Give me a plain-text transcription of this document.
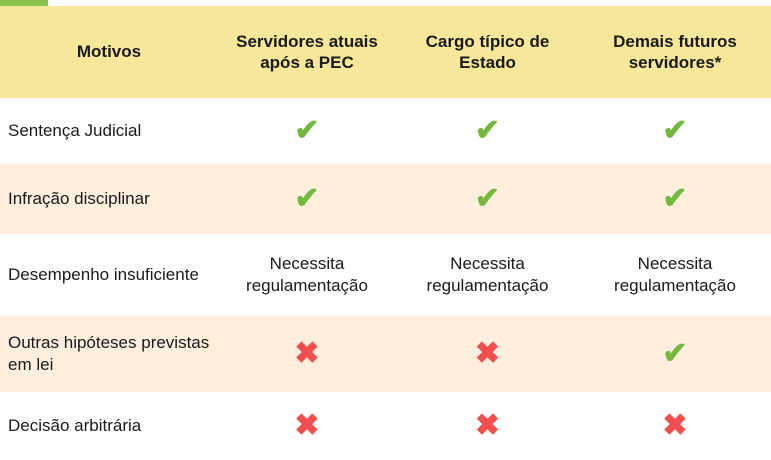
Motivos	Servidores atuais após a PEC	Cargo típico de Estado	Demais futuros servidores*
Sentença Judicial	✔	✔	✔
Infração disciplinar	✔	✔	✔
Desempenho insuficiente	Necessita regulamentação	Necessita regulamentação	Necessita regulamentação
Outras hipóteses previstas em lei	✖	✖	✔
Decisão arbitrária	✖	✖	✖
